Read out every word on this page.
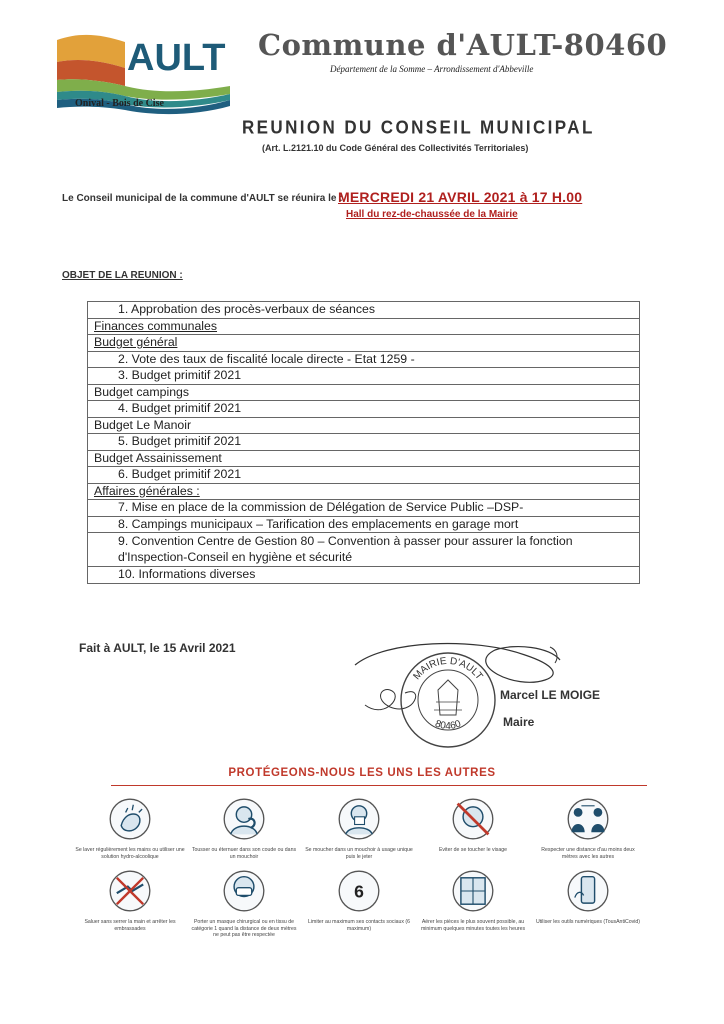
AULT
Onival - Bois de Cise
Commune d'AULT-80460
Département de la Somme – Arrondissement d'Abbeville
REUNION DU CONSEIL MUNICIPAL
(Art. L.2121.10 du Code Général des Collectivités Territoriales)
Le Conseil municipal de la commune d'AULT se réunira le :
MERCREDI 21 AVRIL 2021 à 17 H.00
Hall du rez-de-chaussée de la Mairie
OBJET DE LA REUNION :
1. Approbation des procès-verbaux de séances
Finances communales
Budget général
2. Vote des taux de fiscalité locale directe - Etat 1259 -
3. Budget primitif 2021
Budget campings
4. Budget primitif 2021
Budget Le Manoir
5. Budget primitif 2021
Budget Assainissement
6. Budget primitif 2021
Affaires générales :
7. Mise en place de la commission de Délégation de Service Public –DSP-
8. Campings municipaux – Tarification des emplacements en garage mort
9. Convention Centre de Gestion 80 – Convention à passer pour assurer la fonction d'Inspection-Conseil en hygiène et sécurité
10. Informations diverses
Fait à AULT, le 15 Avril 2021
MAIRIE D'AULT
80460
Marcel LE MOIGE
Maire
PROTÉGEONS-NOUS LES UNS LES AUTRES
Se laver régulièrement les mains ou utiliser une solution hydro-alcoolique
Tousser ou éternuer dans son coude ou dans un mouchoir
Se moucher dans un mouchoir à usage unique puis le jeter
Eviter de se toucher le visage	Respecter une distance d'au moins deux mètres avec les autres
Saluer sans serrer la main et arrêter les embrassades
Porter un masque chirurgical ou en tissu de catégorie 1 quand la distance de deux mètres ne peut pas être respectée
6
Limiter au maximum ses contacts sociaux (6 maximum)
Aérer les pièces le plus souvent possible, au minimum quelques minutes toutes les heures
Utiliser les outils numériques (TousAntiCovid)
